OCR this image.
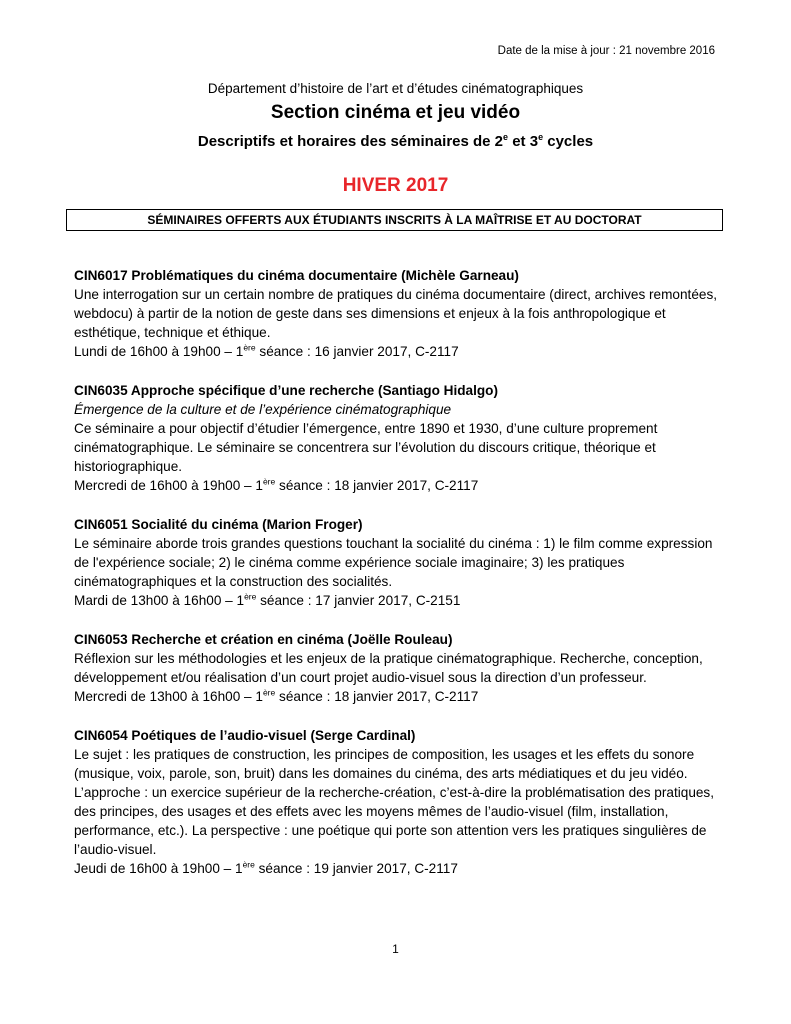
Date de la mise à jour : 21 novembre 2016

Département d’histoire de l’art et d’études cinématographiques

Section cinéma et jeu vidéo

Descriptifs et horaires des séminaires de 2e et 3e cycles

HIVER 2017

SÉMINAIRES OFFERTS AUX ÉTUDIANTS INSCRITS À LA MAÎTRISE ET AU DOCTORAT
CIN6017 Problématiques du cinéma documentaire (Michèle Garneau)
Une interrogation sur un certain nombre de pratiques du cinéma documentaire (direct, archives remontées, webdocu) à partir de la notion de geste dans ses dimensions et enjeux à la fois anthropologique et esthétique, technique et éthique.
Lundi de 16h00 à 19h00 – 1ère séance : 16 janvier 2017, C-2117
CIN6035 Approche spécifique d’une recherche (Santiago Hidalgo)
Émergence de la culture et de l’expérience cinématographique
Ce séminaire a pour objectif d’étudier l’émergence, entre 1890 et 1930, d’une culture proprement cinématographique. Le séminaire se concentrera sur l’évolution du discours critique, théorique et historiographique.
Mercredi de 16h00 à 19h00 – 1ère séance : 18 janvier 2017, C-2117
CIN6051 Socialité du cinéma (Marion Froger)
Le séminaire aborde trois grandes questions touchant la socialité du cinéma : 1) le film comme expression de l'expérience sociale; 2) le cinéma comme expérience sociale imaginaire; 3) les pratiques cinématographiques et la construction des socialités.
Mardi de 13h00 à 16h00 – 1ère séance : 17 janvier 2017, C-2151
CIN6053 Recherche et création en cinéma (Joëlle Rouleau)
Réflexion sur les méthodologies et les enjeux de la pratique cinématographique. Recherche, conception, développement et/ou réalisation d’un court projet audio-visuel sous la direction d’un professeur.
Mercredi de 13h00 à 16h00 – 1ère séance : 18 janvier 2017, C-2117
CIN6054 Poétiques de l’audio-visuel (Serge Cardinal)
Le sujet : les pratiques de construction, les principes de composition, les usages et les effets du sonore (musique, voix, parole, son, bruit) dans les domaines du cinéma, des arts médiatiques et du jeu vidéo. L’approche : un exercice supérieur de la recherche-création, c’est-à-dire la problématisation des pratiques, des principes, des usages et des effets avec les moyens mêmes de l’audio-visuel (film, installation, performance, etc.). La perspective : une poétique qui porte son attention vers les pratiques singulières de l’audio-visuel.
Jeudi de 16h00 à 19h00 – 1ère séance : 19 janvier 2017, C-2117
1
